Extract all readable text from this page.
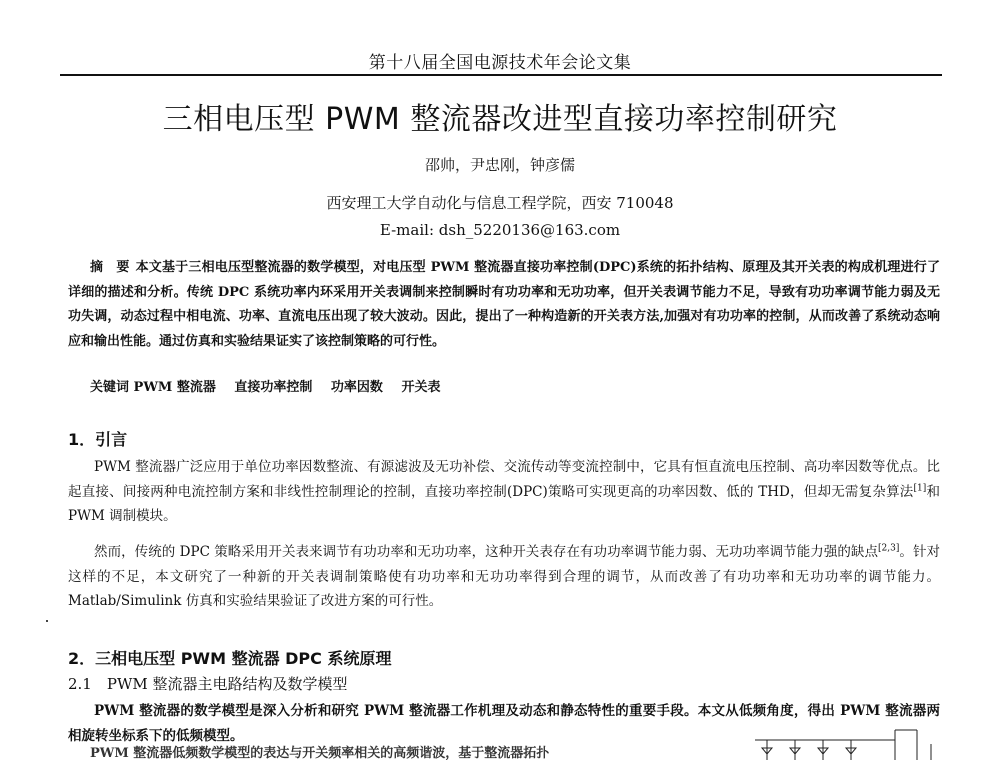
第十八届全国电源技术年会论文集
三相电压型 PWM 整流器改进型直接功率控制研究
邵帅，尹忠刚，钟彦儒
西安理工大学自动化与信息工程学院，西安 710048
E-mail: dsh_5220136@163.com
摘　要 本文基于三相电压型整流器的数学模型，对电压型 PWM 整流器直接功率控制(DPC)系统的拓扑结构、原理及其开关表的构成机理进行了详细的描述和分析。传统 DPC 系统功率内环采用开关表调制来控制瞬时有功功率和无功功率，但开关表调节能力不足，导致有功功率调节能力弱及无功失调，动态过程中相电流、功率、直流电压出现了较大波动。因此，提出了一种构造新的开关表方法,加强对有功功率的控制，从而改善了系统动态响应和输出性能。通过仿真和实验结果证实了该控制策略的可行性。
关键词 PWM 整流器 直接功率控制 功率因数 开关表
1．引言
PWM 整流器广泛应用于单位功率因数整流、有源滤波及无功补偿、交流传动等变流控制中，它具有恒直流电压控制、高功率因数等优点。比起直接、间接两种电流控制方案和非线性控制理论的控制，直接功率控制(DPC)策略可实现更高的功率因数、低的 THD，但却无需复杂算法[1]和 PWM 调制模块。
然而，传统的 DPC 策略采用开关表来调节有功功率和无功功率，这种开关表存在有功功率调节能力弱、无功功率调节能力强的缺点[2,3]。针对这样的不足，本文研究了一种新的开关表调制策略使有功功率和无功功率得到合理的调节，从而改善了有功功率和无功功率的调节能力。Matlab/Simulink 仿真和实验结果验证了改进方案的可行性。
2．三相电压型 PWM 整流器 DPC 系统原理
2.1　PWM 整流器主电路结构及数学模型
PWM 整流器的数学模型是深入分析和研究 PWM 整流器工作机理及动态和静态特性的重要手段。本文从低频角度，得出 PWM 整流器两相旋转坐标系下的低频模型。
PWM 整流器低频数学模型的表达与开关频率相关的高频谐波，基于整流器拓扑
